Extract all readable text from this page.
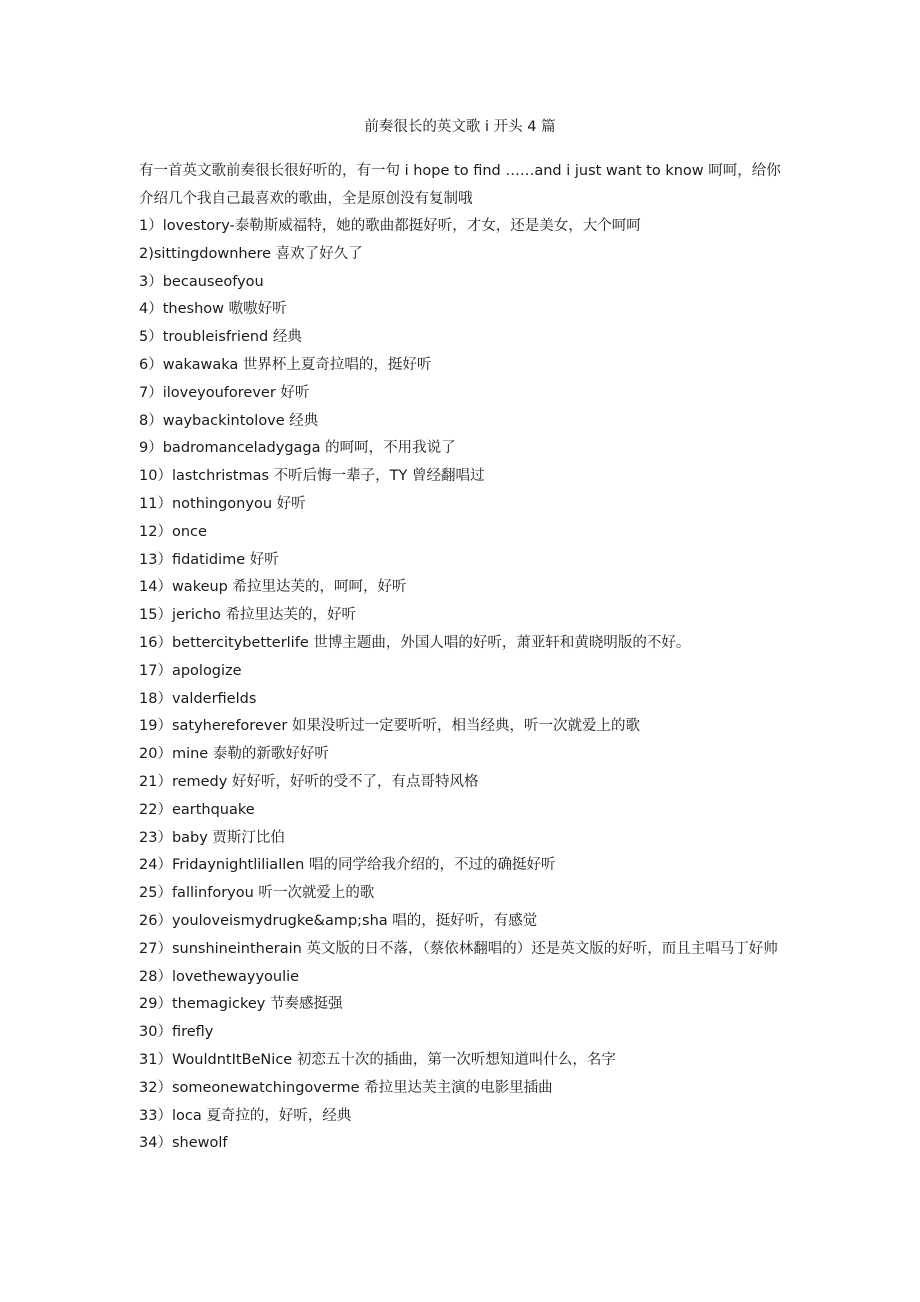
前奏很长的英文歌 i 开头 4 篇
有一首英文歌前奏很长很好听的，有一句 i hope to find ……and i just want to know 呵呵，给你介绍几个我自己最喜欢的歌曲，全是原创没有复制哦
1）lovestory-泰勒斯威福特，她的歌曲都挺好听，才女，还是美女，大个呵呵
2)sittingdownhere 喜欢了好久了
3）becauseofyou
4）theshow 嗷嗷好听
5）troubleisfriend 经典
6）wakawaka 世界杯上夏奇拉唱的，挺好听
7）iloveyouforever 好听
8）waybackintolove 经典
9）badromanceladygaga 的呵呵，不用我说了
10）lastchristmas 不听后悔一辈子，TY 曾经翻唱过
11）nothingonyou 好听
12）once
13）fidatidime 好听
14）wakeup 希拉里达芙的，呵呵，好听
15）jericho 希拉里达芙的，好听
16）bettercitybetterlife 世博主题曲，外国人唱的好听，萧亚轩和黄晓明版的不好。
17）apologize
18）valderfields
19）satyhereforever 如果没听过一定要听听，相当经典，听一次就爱上的歌
20）mine 泰勒的新歌好好听
21）remedy 好好听，好听的受不了，有点哥特风格
22）earthquake
23）baby 贾斯汀比伯
24）Fridaynightliliallen 唱的同学给我介绍的，不过的确挺好听
25）fallinforyou 听一次就爱上的歌
26）youloveismydrugke&amp;sha 唱的，挺好听，有感觉
27）sunshineintherain 英文版的日不落，（蔡依林翻唱的）还是英文版的好听，而且主唱马丁好帅
28）lovethewayyoulie
29）themagickey 节奏感挺强
30）firefly
31）WouldntItBeNice 初恋五十次的插曲，第一次听想知道叫什么，名字
32）someonewatchingoverme 希拉里达芙主演的电影里插曲
33）loca 夏奇拉的，好听，经典
34）shewolf
